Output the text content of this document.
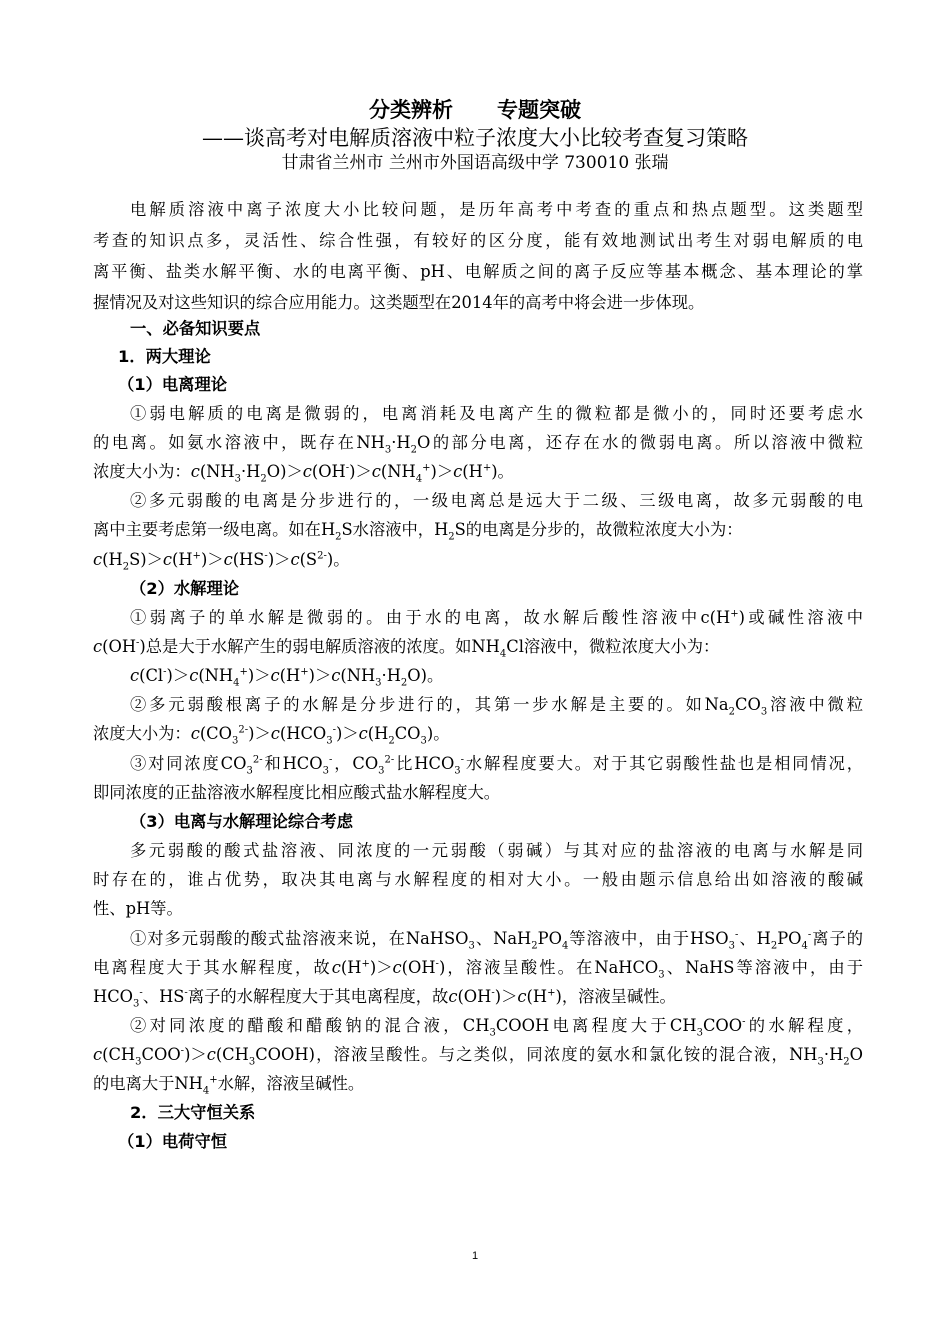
分类辨析 专题突破
——谈高考对电解质溶液中粒子浓度大小比较考查复习策略
甘肃省兰州市 兰州市外国语高级中学 730010 张瑞
电解质溶液中离子浓度大小比较问题，是历年高考中考查的重点和热点题型。这类题型
考查的知识点多，灵活性、综合性强，有较好的区分度，能有效地测试出考生对弱电解质的电
离平衡、盐类水解平衡、水的电离平衡、pH、电解质之间的离子反应等基本概念、基本理论的掌
握情况及对这些知识的综合应用能力。这类题型在2014年的高考中将会进一步体现。
一、必备知识要点
1．两大理论
（1）电离理论
①弱电解质的电离是微弱的，电离消耗及电离产生的微粒都是微小的，同时还要考虑水
的电离。如氨水溶液中，既存在$NH_3\cdot H_2O$的部分电离，还存在水的微弱电离。所以溶液中微粒
浓度大小为：$c(NH_3\cdot H_2O)>c(OH^-)>c(NH_4^+)>c(H^+)$。
②多元弱酸的电离是分步进行的，一级电离总是远大于二级、三级电离，故多元弱酸的电
离中主要考虑第一级电离。如在$H_2S$水溶液中，$H_2S$的电离是分步的，故微粒浓度大小为：
$c(H_2S)>c(H^+)>c(HS^-)>c(S^{2-})$。
（2）水解理论
①弱离子的单水解是微弱的。由于水的电离，故水解后酸性溶液中c(H+)或碱性溶液中
c(OH-)总是大于水解产生的弱电解质溶液的浓度。如$NH_4Cl$溶液中，微粒浓度大小为：
$c(Cl^-)>c(NH_4^+)>c(H^+)>c(NH_3\cdot H_2O)$。
②多元弱酸根离子的水解是分步进行的，其第一步水解是主要的。如$Na_2CO_3$溶液中微粒
浓度大小为：$c(CO_3^{2-})>c(HCO_3^-)>c(H_2CO_3)$。
③对同浓度$CO_3^{2-}$和$HCO_3^-$，$CO_3^{2-}$比$HCO_3^-$水解程度要大。对于其它弱酸性盐也是相同情况，
即同浓度的正盐溶液水解程度比相应酸式盐水解程度大。
（3）电离与水解理论综合考虑
多元弱酸的酸式盐溶液、同浓度的一元弱酸（弱碱）与其对应的盐溶液的电离与水解是同
时存在的，谁占优势，取决其电离与水解程度的相对大小。一般由题示信息给出如溶液的酸碱
性、pH等。
①对多元弱酸的酸式盐溶液来说，在NaHSO$_3$、$NaH_2PO_4$等溶液中，由于$HSO_3^-$、$H_2PO_4^-$离子的
电离程度大于其水解程度，故c(H+)＞c(OH-)，溶液呈酸性。在NaHCO$_3$、NaHS等溶液中，由于
$HCO_3^-$、HS-离子的水解程度大于其电离程度，故c(OH-)＞c(H+)，溶液呈碱性。
②对同浓度的醋酸和醋酸钠的混合液，$CH_3COOH$电离程度大于$CH_3COO^-$的水解程度，
$c(CH_3COO^-)>c(CH_3COOH)$，溶液呈酸性。与之类似，同浓度的氨水和氯化铵的混合液，$NH_3\cdot H_2O$
的电离大于$NH_4^+$水解，溶液呈碱性。
2．三大守恒关系
（1）电荷守恒
1
